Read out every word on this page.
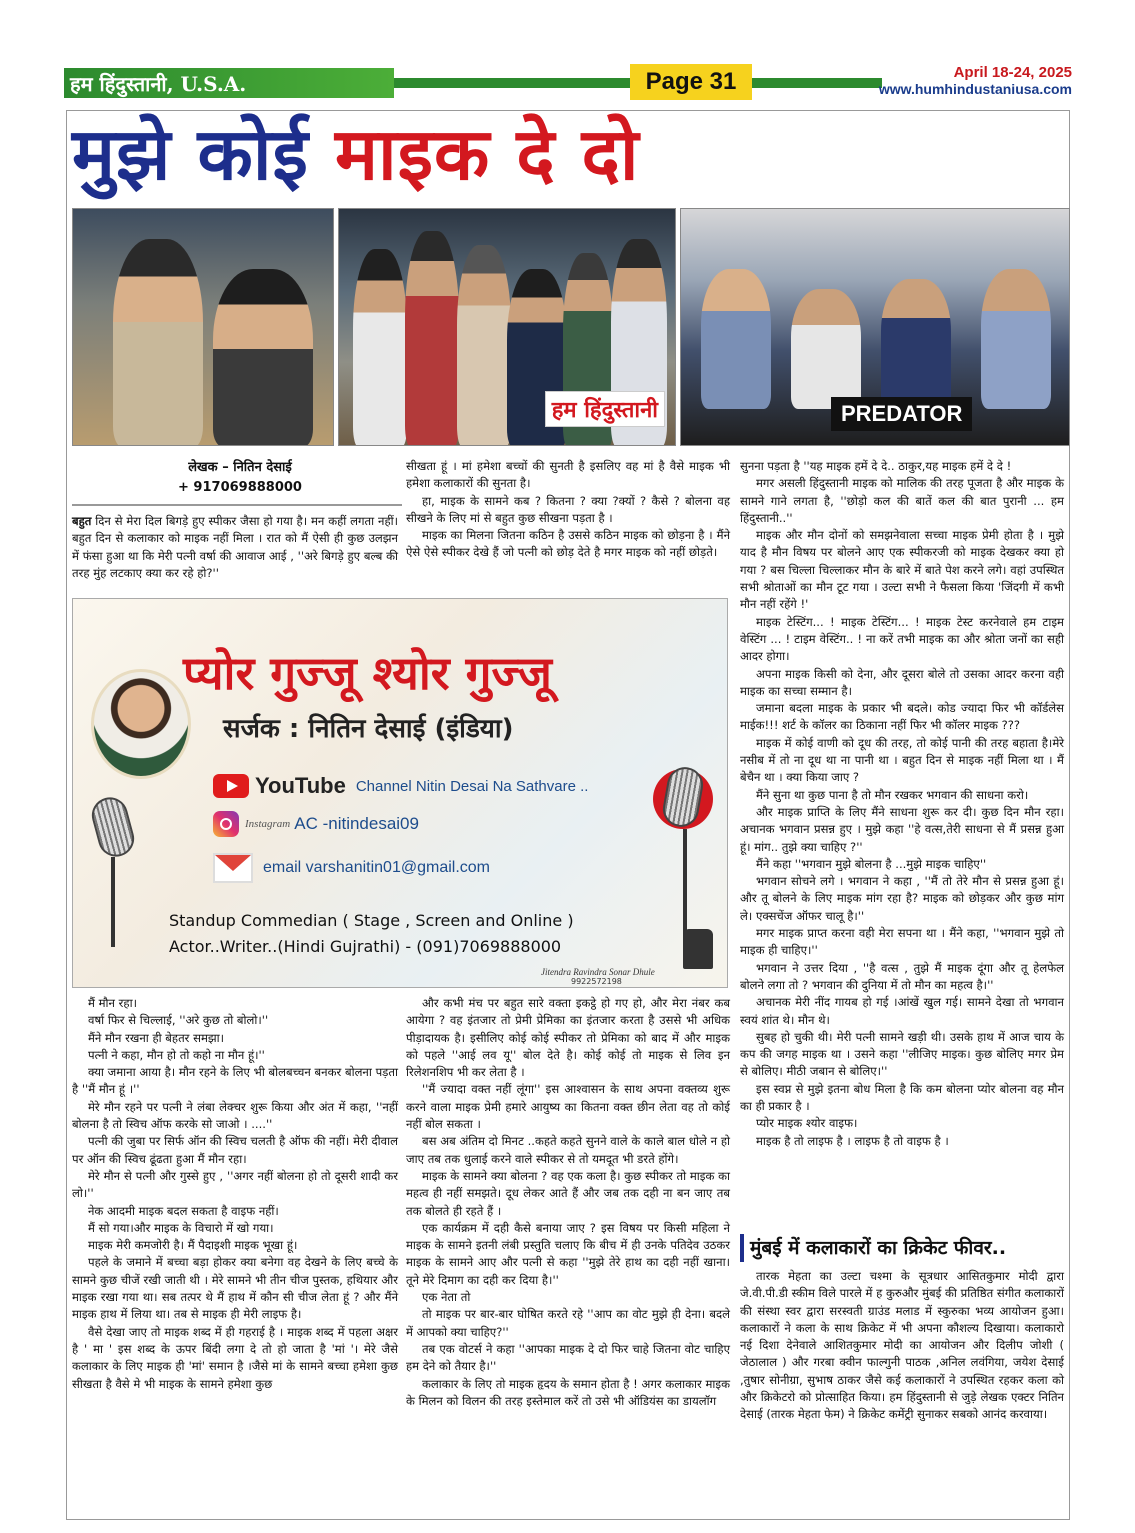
हम हिंदुस्तानी, U.S.A.	Page 31	April 18-24, 2025
www.humhindustaniusa.com
मुझे कोई माइक दे दो
हम हिंदुस्तानी	PREDATOR
लेखक – नितिन देसाई
+ 917069888000

बहुत दिन से मेरा दिल बिगड़े हुए स्पीकर जैसा हो गया है। मन कहीं लगता नहीं। बहुत दिन से कलाकार को माइक नहीं मिला । रात को मैं ऐसी ही कुछ उलझन में फंसा हुआ था कि मेरी पत्नी वर्षा की आवाज आई , ''अरे बिगड़े हुए बल्ब की तरह मुंह लटकाए क्या कर रहे हो?''

सीखता हूं । मां हमेशा बच्चों की सुनती है इसलिए वह मां है वैसे माइक भी हमेशा कलाकारों की सुनता है।

हा, माइक के सामने कब ? कितना ? क्या ?क्यों ? कैसे ? बोलना वह सीखने के लिए मां से बहुत कुछ सीखना पड़ता है ।

माइक का मिलना जितना कठिन है उससे कठिन माइक को छोड़ना है । मैंने ऐसे ऐसे स्पीकर देखे हैं जो पत्नी को छोड़ देते है मगर माइक को नहीं छोड़ते।

सुनना पड़ता है ''यह माइक हमें दे दे.. ठाकुर,यह माइक हमें दे दे !

मगर असली हिंदुस्तानी माइक को मालिक की तरह पूजता है और माइक के सामने गाने लगता है, ''छोड़ो कल की बातें कल की बात पुरानी ... हम हिंदुस्तानी..''

माइक और मौन दोनों को समझनेवाला सच्चा माइक प्रेमी होता है । मुझे याद है मौन विषय पर बोलने आए एक स्पीकरजी को माइक देखकर क्या हो गया ? बस चिल्ला चिल्लाकर मौन के बारे में बाते पेश करने लगे। वहां उपस्थित सभी श्रोताओं का मौन टूट गया । उल्टा सभी ने फैसला किया 'जिंदगी में कभी मौन नहीं रहेंगे !'

माइक टेस्टिंग... ! माइक टेस्टिंग... ! माइक टेस्ट करनेवाले हम टाइम वेस्टिंग ... ! टाइम वेस्टिंग.. ! ना करें तभी माइक का और श्रोता जनों का सही आदर होगा।

अपना माइक किसी को देना, और दूसरा बोले तो उसका आदर करना वही माइक का सच्चा सम्मान है।

जमाना बदला माइक के प्रकार भी बदले। कोड ज्यादा फिर भी कॉर्डलेस माईक!!! शर्ट के कॉलर का ठिकाना नहीं फिर भी कॉलर माइक ???

माइक में कोई वाणी को दूध की तरह, तो कोई पानी की तरह बहाता है।मेरे नसीब में तो ना दूध था ना पानी था । बहुत दिन से माइक नहीं मिला था । मैं बेचैन था । क्या किया जाए ?

मैंने सुना था कुछ पाना है तो मौन रखकर भगवान की साधना करो।

और माइक प्राप्ति के लिए मैंने साधना शुरू कर दी। कुछ दिन मौन रहा। अचानक भगवान प्रसन्न हुए । मुझे कहा ''हे वत्स,तेरी साधना से मैं प्रसन्न हुआ हूं। मांग.. तुझे क्या चाहिए ?''

मैंने कहा ''भगवान मुझे बोलना है ...मुझे माइक चाहिए''

भगवान सोचने लगे । भगवान ने कहा , ''मैं तो तेरे मौन से प्रसन्न हुआ हूं। और तू बोलने के लिए माइक मांग रहा है? माइक को छोड़कर और कुछ मांग ले। एक्सचेंज ऑफर चालू है।''

मगर माइक प्राप्त करना वही मेरा सपना था । मैंने कहा, ''भगवान मुझे तो माइक ही चाहिए।''

भगवान ने उत्तर दिया , ''है वत्स , तुझे मैं माइक दूंगा और तू हेलफेल बोलने लगा तो ? भगवान की दुनिया में तो मौन का महत्व है।''

अचानक मेरी नींद गायब हो गई ।आंखें खुल गई। सामने देखा तो भगवान स्वयं शांत थे। मौन थे।

सुबह हो चुकी थी। मेरी पत्नी सामने खड़ी थी। उसके हाथ में आज चाय के कप की जगह माइक था । उसने कहा ''लीजिए माइक। कुछ बोलिए मगर प्रेम से बोलिए। मीठी जबान से बोलिए।''

इस स्वप्न से मुझे इतना बोध मिला है कि कम बोलना प्योर बोलना वह मौन का ही प्रकार है ।

प्योर माइक श्योर वाइफ।

माइक है तो लाइफ है । लाइफ है तो वाइफ है ।

प्योर गुज्जू श्योर गुज्जू
सर्जक : नितिन देसाई (इंडिया)
YouTube Channel Nitin Desai Na Sathvare ..
Instagram AC -nitindesai09
email varshanitin01@gmail.com
Standup Commedian ( Stage , Screen and Online )
Actor..Writer..(Hindi Gujrathi) - (091)7069888000
Jitendra Ravindra Sonar Dhule
9922572198

मैं मौन रहा।

वर्षा फिर से चिल्लाई, ''अरे कुछ तो बोलो।''

मैंने मौन रखना ही बेहतर समझा।

पत्नी ने कहा, मौन हो तो कहो ना मौन हूं।''

क्या जमाना आया है। मौन रहने के लिए भी बोलबच्चन बनकर बोलना पड़ता है ''मैं मौन हूं ।''

मेरे मौन रहने पर पत्नी ने लंबा लेक्चर शुरू किया और अंत में कहा, ''नहीं बोलना है तो स्विच ऑफ करके सो जाओ । ....''

पत्नी की जुबा पर सिर्फ ऑन की स्विच चलती है ऑफ की नहीं। मेरी दीवाल पर ऑन की स्विच ढूंढता हुआ मैं मौन रहा।

मेरे मौन से पत्नी और गुस्से हुए , ''अगर नहीं बोलना हो तो दूसरी शादी कर लो।''

नेक आदमी माइक बदल सकता है वाइफ नहीं।

मैं सो गया।और माइक के विचारो में खो गया।

माइक मेरी कमजोरी है। मैं पैदाइशी माइक भूखा हूं।

पहले के जमाने में बच्चा बड़ा होकर क्या बनेगा वह देखने के लिए बच्चे के सामने कुछ चीजें रखी जाती थी । मेरे सामने भी तीन चीज पुस्तक, हथियार और माइक रखा गया था। सब तत्पर थे मैं हाथ में कौन सी चीज लेता हूं ? और मैंने माइक हाथ में लिया था। तब से माइक ही मेरी लाइफ है।

वैसे देखा जाए तो माइक शब्द में ही गहराई है । माइक शब्द में पहला अक्षर है ' मा ' इस शब्द के ऊपर बिंदी लगा दे तो हो जाता है 'मां '। मेरे जैसे कलाकार के लिए माइक ही 'मां' समान है ।जैसे मां के सामने बच्चा हमेशा कुछ सीखता है वैसे मे भी माइक के सामने हमेशा कुछ

और कभी मंच पर बहुत सारे वक्ता इकट्ठे हो गए हो, और मेरा नंबर कब आयेगा ? वह इंतजार तो प्रेमी प्रेमिका का इंतजार करता है उससे भी अधिक पीड़ादायक है। इसीलिए कोई कोई स्पीकर तो प्रेमिका को बाद में और माइक को पहले ''आई लव यू'' बोल देते है। कोई कोई तो माइक से लिव इन रिलेशनशिप भी कर लेता है ।

''मैं ज्यादा वक्त नहीं लूंगा'' इस आश्वासन के साथ अपना वक्तव्य शुरू करने वाला माइक प्रेमी हमारे आयुष्य का कितना वक्त छीन लेता वह तो कोई नहीं बोल सकता ।

बस अब अंतिम दो मिनट ..कहते कहते सुनने वाले के काले बाल धोले न हो जाए तब तक धुलाई करने वाले स्पीकर से तो यमदूत भी डरते होंगे।

माइक के सामने क्या बोलना ? वह एक कला है। कुछ स्पीकर तो माइक का महत्व ही नहीं समझते। दूध लेकर आते हैं और जब तक दही ना बन जाए तब तक बोलते ही रहते हैं ।

एक कार्यक्रम में दही कैसे बनाया जाए ? इस विषय पर किसी महिला ने माइक के सामने इतनी लंबी प्रस्तुति चलाए कि बीच में ही उनके पतिदेव उठकर माइक के सामने आए और पत्नी से कहा ''मुझे तेरे हाथ का दही नहीं खाना। तूने मेरे दिमाग का दही कर दिया है।''

एक नेता तो

तो माइक पर बार-बार घोषित करते रहे ''आप का वोट मुझे ही देना। बदले में आपको क्या चाहिए?''

तब एक वोटर्स ने कहा ''आपका माइक दे दो फिर चाहे जितना वोट चाहिए हम देने को तैयार है।''

कलाकार के लिए तो माइक हृदय के समान होता है ! अगर कलाकार माइक के मिलन को विलन की तरह इस्तेमाल करें तो उसे भी ऑडियंस का डायलॉग

मुंबई में कलाकारों का क्रिकेट फीवर..

तारक मेहता का उल्टा चश्मा के सूत्रधार आसितकुमार मोदी द्वारा जे.वी.पी.डी स्कीम विले पारले में ह कुरुऔर मुंबई की प्रतिष्ठित संगीत कलाकारों की संस्था स्वर द्वारा सरस्वती ग्राउंड मलाड में स्कुरुका भव्य आयोजन हुआ। कलाकारों ने कला के साथ क्रिकेट में भी अपना कौशल्य दिखाया। कलाकारो नई दिशा देनेवाले आशितकुमार मोदी का आयोजन और दिलीप जोशी ( जेठालाल ) और गरबा क्वीन फाल्गुनी पाठक ,अनिल लवंगिया, जयेश देसाई ,तुषार सोनीग्रा, सुभाष ठाकर जैसे कई कलाकारों ने उपस्थित रहकर कला को और क्रिकेटरो को प्रोत्साहित किया। हम हिंदुस्तानी से जुड़े लेखक एक्टर नितिन देसाई (तारक मेहता फेम) ने क्रिकेट कमेंट्री सुनाकर सबको आनंद करवाया।
